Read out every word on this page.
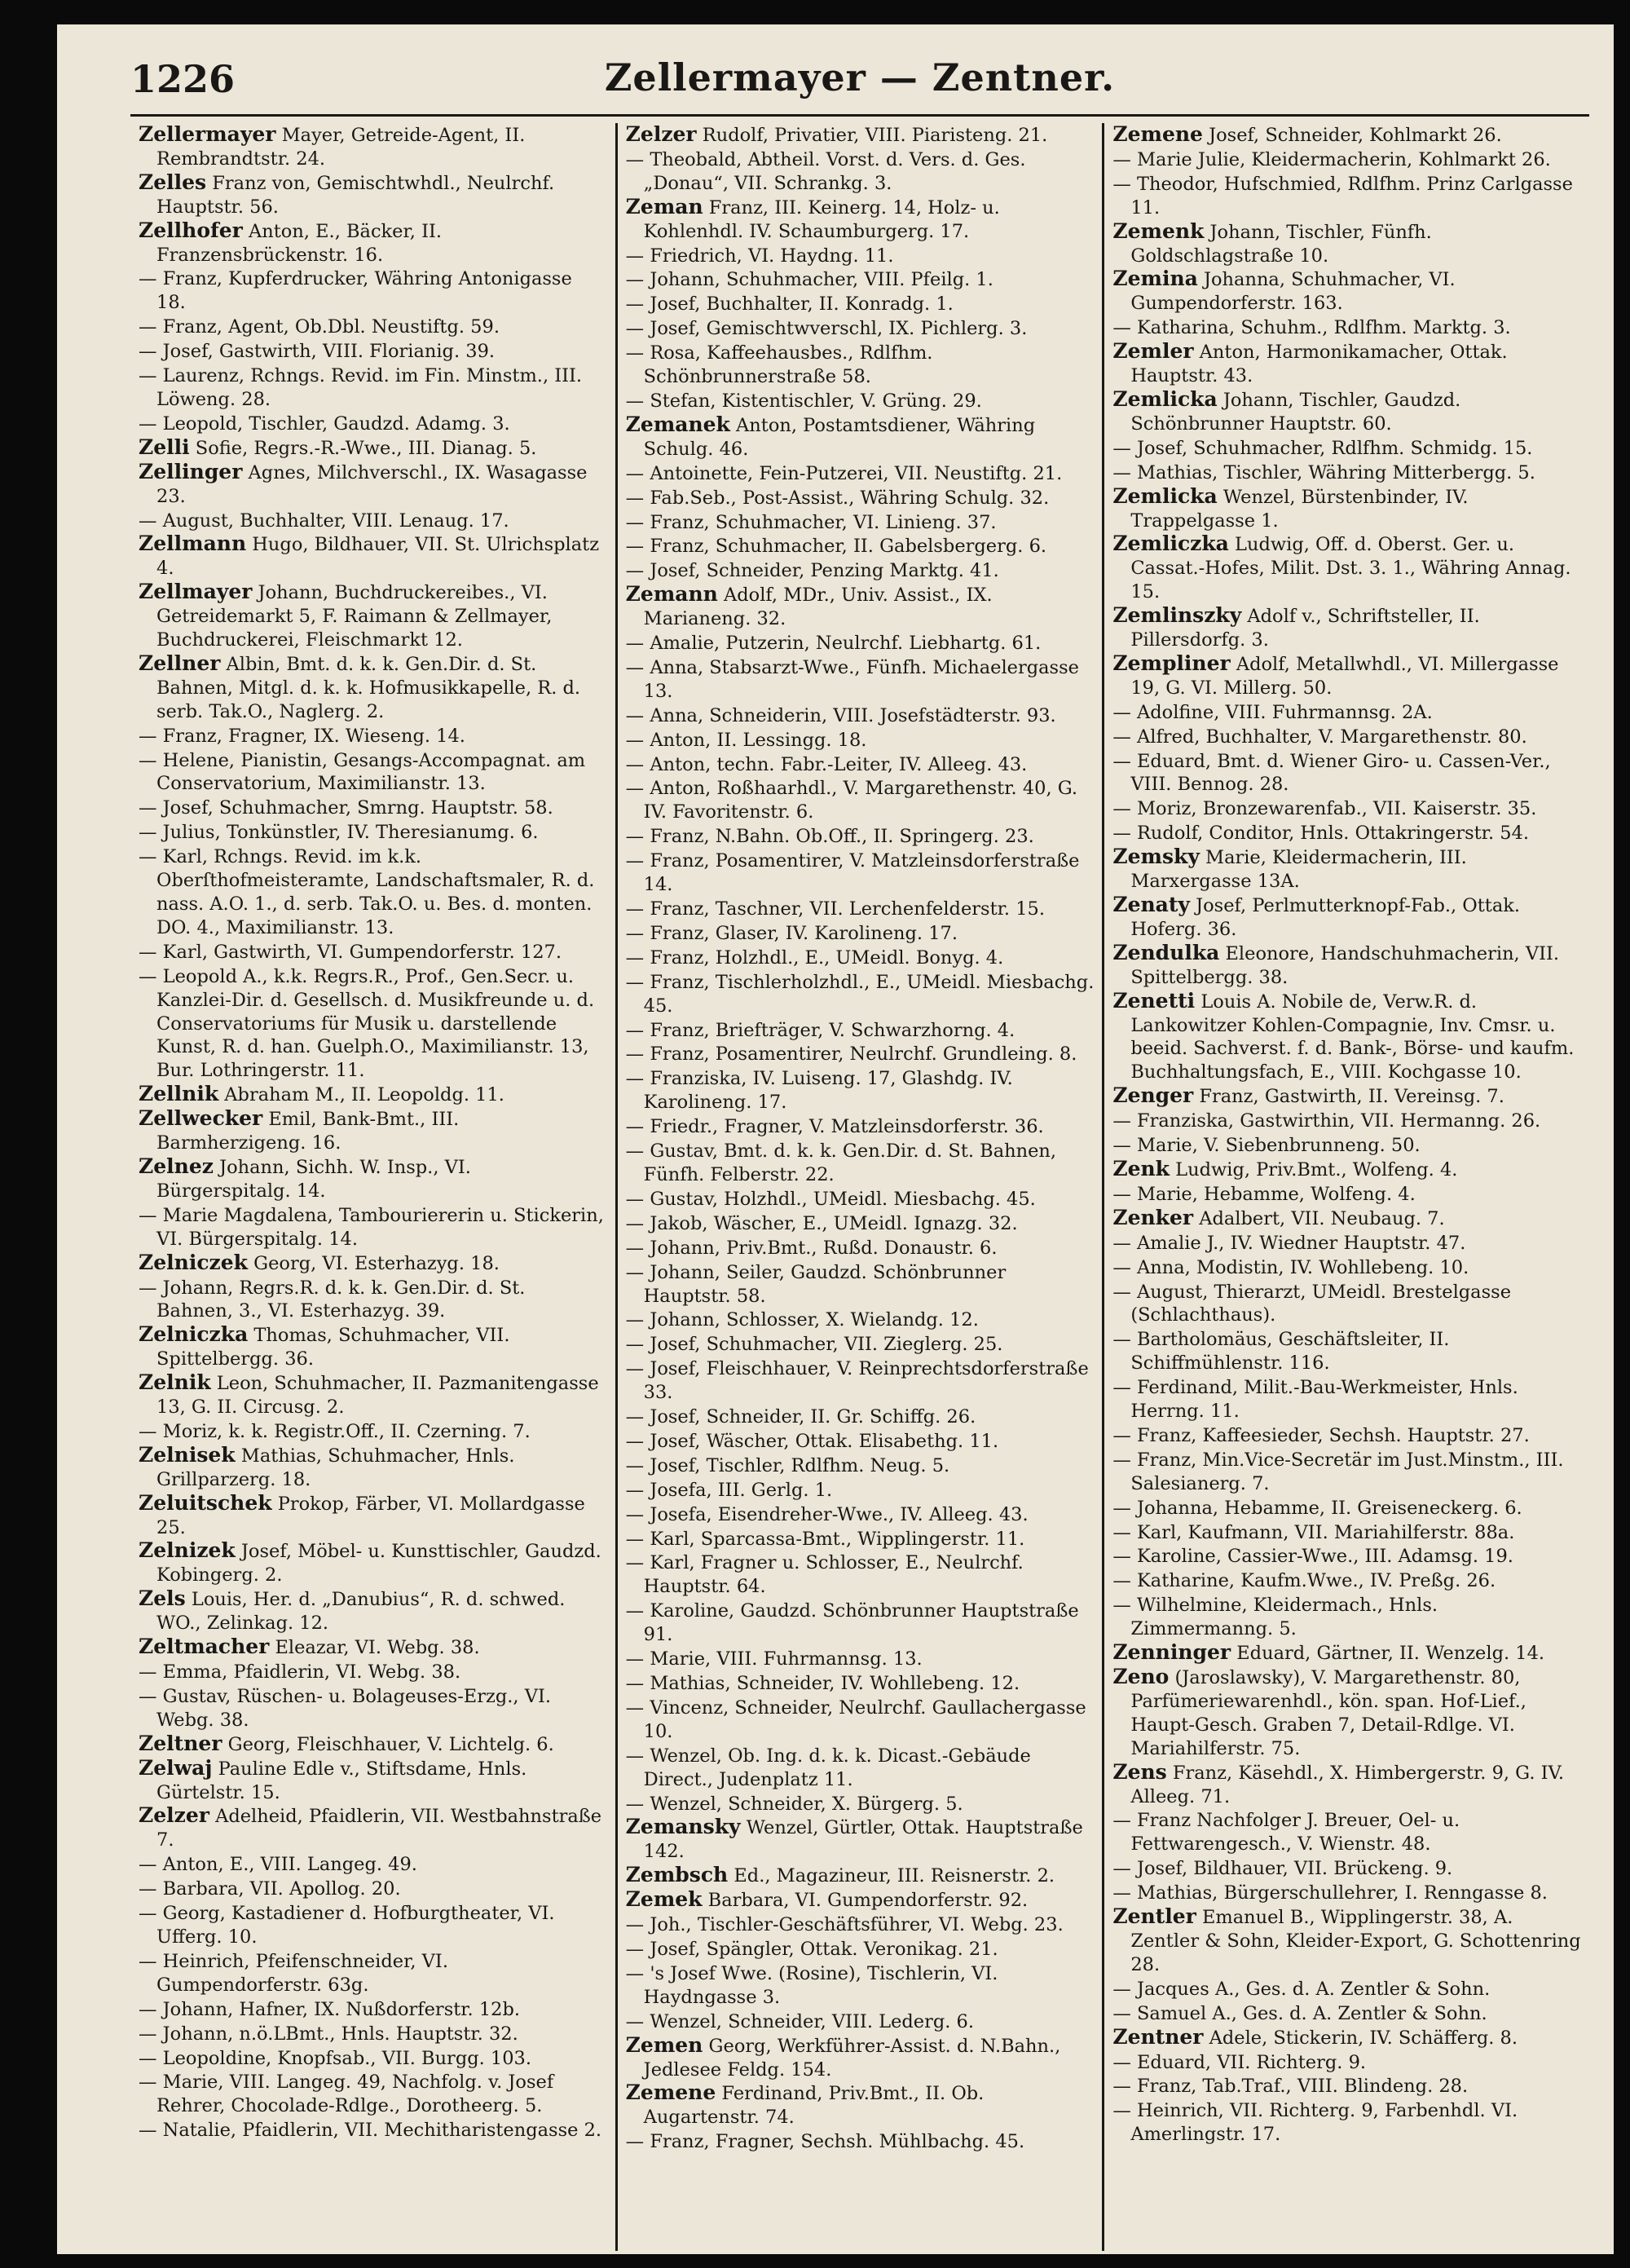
1226	Zellermayer — Zentner.

Zellermayer Mayer, Getreide-Agent, II. Rembrandtstr. 24.

Zelles Franz von, Gemischtwhdl., Neulrchf. Hauptstr. 56.

Zellhofer Anton, E., Bäcker, II. Franzensbrückenstr. 16.

— Franz, Kupferdrucker, Währing Antonigasse 18.

— Franz, Agent, Ob.Dbl. Neustiftg. 59.

— Josef, Gastwirth, VIII. Florianig. 39.

— Laurenz, Rchngs. Revid. im Fin. Minstm., III. Löweng. 28.

— Leopold, Tischler, Gaudzd. Adamg. 3.

Zelli Sofie, Regrs.-R.-Wwe., III. Dianag. 5.

Zellinger Agnes, Milchverschl., IX. Wasagasse 23.

— August, Buchhalter, VIII. Lenaug. 17.

Zellmann Hugo, Bildhauer, VII. St. Ulrichsplatz 4.

Zellmayer Johann, Buchdruckereibes., VI. Getreidemarkt 5, F. Raimann & Zellmayer, Buchdruckerei, Fleischmarkt 12.

Zellner Albin, Bmt. d. k. k. Gen.Dir. d. St. Bahnen, Mitgl. d. k. k. Hofmusikkapelle, R. d. serb. Tak.O., Naglerg. 2.

— Franz, Fragner, IX. Wieseng. 14.

— Helene, Pianistin, Gesangs-Accompagnat. am Conservatorium, Maximilianstr. 13.

— Josef, Schuhmacher, Smrng. Hauptstr. 58.

— Julius, Tonkünstler, IV. Theresianumg. 6.

— Karl, Rchngs. Revid. im k.k. Oberſthofmeisteramte, Landschaftsmaler, R. d. nass. A.O. 1., d. serb. Tak.O. u. Bes. d. monten. DO. 4., Maximilianstr. 13.

— Karl, Gastwirth, VI. Gumpendorferstr. 127.

— Leopold A., k.k. Regrs.R., Prof., Gen.Secr. u. Kanzlei-Dir. d. Gesellsch. d. Musikfreunde u. d. Conservatoriums für Musik u. darstellende Kunst, R. d. han. Guelph.O., Maximilianstr. 13, Bur. Lothringerstr. 11.

Zellnik Abraham M., II. Leopoldg. 11.

Zellwecker Emil, Bank-Bmt., III. Barmherzigeng. 16.

Zelnez Johann, Sichh. W. Insp., VI. Bürgerspitalg. 14.

— Marie Magdalena, Tambouriererin u. Stickerin, VI. Bürgerspitalg. 14.

Zelniczek Georg, VI. Esterhazyg. 18.

— Johann, Regrs.R. d. k. k. Gen.Dir. d. St. Bahnen, 3., VI. Esterhazyg. 39.

Zelniczka Thomas, Schuhmacher, VII. Spittelbergg. 36.

Zelnik Leon, Schuhmacher, II. Pazmanitengasse 13, G. II. Circusg. 2.

— Moriz, k. k. Registr.Off., II. Czerning. 7.

Zelnisek Mathias, Schuhmacher, Hnls. Grillparzerg. 18.

Zeluitschek Prokop, Färber, VI. Mollardgasse 25.

Zelnizek Josef, Möbel- u. Kunsttischler, Gaudzd. Kobingerg. 2.

Zels Louis, Her. d. „Danubius“, R. d. schwed. WO., Zelinkag. 12.

Zeltmacher Eleazar, VI. Webg. 38.

— Emma, Pfaidlerin, VI. Webg. 38.

— Gustav, Rüschen- u. Bolageuses-Erzg., VI. Webg. 38.

Zeltner Georg, Fleischhauer, V. Lichtelg. 6.

Zelwaj Pauline Edle v., Stiftsdame, Hnls. Gürtelstr. 15.

Zelzer Adelheid, Pfaidlerin, VII. Westbahnstraße 7.

— Anton, E., VIII. Langeg. 49.

— Barbara, VII. Apollog. 20.

— Georg, Kastadiener d. Hofburgtheater, VI. Ufferg. 10.

— Heinrich, Pfeifenschneider, VI. Gumpendorferstr. 63g.

— Johann, Hafner, IX. Nußdorferstr. 12b.

— Johann, n.ö.LBmt., Hnls. Hauptstr. 32.

— Leopoldine, Knopfsab., VII. Burgg. 103.

— Marie, VIII. Langeg. 49, Nachfolg. v. Josef Rehrer, Chocolade-Rdlge., Dorotheerg. 5.

— Natalie, Pfaidlerin, VII. Mechitharistengasse 2.

Zelzer Rudolf, Privatier, VIII. Piaristeng. 21.

— Theobald, Abtheil. Vorst. d. Vers. d. Ges. „Donau“, VII. Schrankg. 3.

Zeman Franz, III. Keinerg. 14, Holz- u. Kohlenhdl. IV. Schaumburgerg. 17.

— Friedrich, VI. Haydng. 11.

— Johann, Schuhmacher, VIII. Pfeilg. 1.

— Josef, Buchhalter, II. Konradg. 1.

— Josef, Gemischtwverschl, IX. Pichlerg. 3.

— Rosa, Kaffeehausbes., Rdlfhm. Schönbrunnerstraße 58.

— Stefan, Kistentischler, V. Grüng. 29.

Zemanek Anton, Postamtsdiener, Währing Schulg. 46.

— Antoinette, Fein-Putzerei, VII. Neustiftg. 21.

— Fab.Seb., Post-Assist., Währing Schulg. 32.

— Franz, Schuhmacher, VI. Linieng. 37.

— Franz, Schuhmacher, II. Gabelsbergerg. 6.

— Josef, Schneider, Penzing Marktg. 41.

Zemann Adolf, MDr., Univ. Assist., IX. Marianeng. 32.

— Amalie, Putzerin, Neulrchf. Liebhartg. 61.

— Anna, Stabsarzt-Wwe., Fünfh. Michaelergasse 13.

— Anna, Schneiderin, VIII. Josefstädterstr. 93.

— Anton, II. Lessingg. 18.

— Anton, techn. Fabr.-Leiter, IV. Alleeg. 43.

— Anton, Roßhaarhdl., V. Margarethenstr. 40, G. IV. Favoritenstr. 6.

— Franz, N.Bahn. Ob.Off., II. Springerg. 23.

— Franz, Posamentirer, V. Matzleinsdorferstraße 14.

— Franz, Taschner, VII. Lerchenfelderstr. 15.

— Franz, Glaser, IV. Karolineng. 17.

— Franz, Holzhdl., E., UMeidl. Bonyg. 4.

— Franz, Tischlerholzhdl., E., UMeidl. Miesbachg. 45.

— Franz, Briefträger, V. Schwarzhorng. 4.

— Franz, Posamentirer, Neulrchf. Grundleing. 8.

— Franziska, IV. Luiseng. 17, Glashdg. IV. Karolineng. 17.

— Friedr., Fragner, V. Matzleinsdorferstr. 36.

— Gustav, Bmt. d. k. k. Gen.Dir. d. St. Bahnen, Fünfh. Felberstr. 22.

— Gustav, Holzhdl., UMeidl. Miesbachg. 45.

— Jakob, Wäscher, E., UMeidl. Ignazg. 32.

— Johann, Priv.Bmt., Rußd. Donaustr. 6.

— Johann, Seiler, Gaudzd. Schönbrunner Hauptstr. 58.

— Johann, Schlosser, X. Wielandg. 12.

— Josef, Schuhmacher, VII. Zieglerg. 25.

— Josef, Fleischhauer, V. Reinprechtsdorferstraße 33.

— Josef, Schneider, II. Gr. Schiffg. 26.

— Josef, Wäscher, Ottak. Elisabethg. 11.

— Josef, Tischler, Rdlfhm. Neug. 5.

— Josefa, III. Gerlg. 1.

— Josefa, Eisendreher-Wwe., IV. Alleeg. 43.

— Karl, Sparcassa-Bmt., Wipplingerstr. 11.

— Karl, Fragner u. Schlosser, E., Neulrchf. Hauptstr. 64.

— Karoline, Gaudzd. Schönbrunner Hauptstraße 91.

— Marie, VIII. Fuhrmannsg. 13.

— Mathias, Schneider, IV. Wohllebeng. 12.

— Vincenz, Schneider, Neulrchf. Gaullachergasse 10.

— Wenzel, Ob. Ing. d. k. k. Dicast.-Gebäude Direct., Judenplatz 11.

— Wenzel, Schneider, X. Bürgerg. 5.

Zemansky Wenzel, Gürtler, Ottak. Hauptstraße 142.

Zembsch Ed., Magazineur, III. Reisnerstr. 2.

Zemek Barbara, VI. Gumpendorferstr. 92.

— Joh., Tischler-Geschäftsführer, VI. Webg. 23.

— Josef, Spängler, Ottak. Veronikag. 21.

— 's Josef Wwe. (Rosine), Tischlerin, VI. Haydngasse 3.

— Wenzel, Schneider, VIII. Lederg. 6.

Zemen Georg, Werkführer-Assist. d. N.Bahn., Jedlesee Feldg. 154.

Zemene Ferdinand, Priv.Bmt., II. Ob. Augartenstr. 74.

— Franz, Fragner, Sechsh. Mühlbachg. 45.

Zemene Josef, Schneider, Kohlmarkt 26.

— Marie Julie, Kleidermacherin, Kohlmarkt 26.

— Theodor, Hufschmied, Rdlfhm. Prinz Carlgasse 11.

Zemenk Johann, Tischler, Fünfh. Goldschlagstraße 10.

Zemina Johanna, Schuhmacher, VI. Gumpendorferstr. 163.

— Katharina, Schuhm., Rdlfhm. Marktg. 3.

Zemler Anton, Harmonikamacher, Ottak. Hauptstr. 43.

Zemlicka Johann, Tischler, Gaudzd. Schönbrunner Hauptstr. 60.

— Josef, Schuhmacher, Rdlfhm. Schmidg. 15.

— Mathias, Tischler, Währing Mitterbergg. 5.

Zemlicka Wenzel, Bürstenbinder, IV. Trappelgasse 1.

Zemliczka Ludwig, Off. d. Oberst. Ger. u. Cassat.-Hofes, Milit. Dst. 3. 1., Währing Annag. 15.

Zemlinszky Adolf v., Schriftsteller, II. Pillersdorfg. 3.

Zempliner Adolf, Metallwhdl., VI. Millergasse 19, G. VI. Millerg. 50.

— Adolfine, VIII. Fuhrmannsg. 2A.

— Alfred, Buchhalter, V. Margarethenstr. 80.

— Eduard, Bmt. d. Wiener Giro- u. Cassen-Ver., VIII. Bennog. 28.

— Moriz, Bronzewarenfab., VII. Kaiserstr. 35.

— Rudolf, Conditor, Hnls. Ottakringerstr. 54.

Zemsky Marie, Kleidermacherin, III. Marxergasse 13A.

Zenaty Josef, Perlmutterknopf-Fab., Ottak. Hoferg. 36.

Zendulka Eleonore, Handschuhmacherin, VII. Spittelbergg. 38.

Zenetti Louis A. Nobile de, Verw.R. d. Lankowitzer Kohlen-Compagnie, Inv. Cmsr. u. beeid. Sachverst. f. d. Bank-, Börse- und kaufm. Buchhaltungsfach, E., VIII. Kochgasse 10.

Zenger Franz, Gastwirth, II. Vereinsg. 7.

— Franziska, Gastwirthin, VII. Hermanng. 26.

— Marie, V. Siebenbrunneng. 50.

Zenk Ludwig, Priv.Bmt., Wolfeng. 4.

— Marie, Hebamme, Wolfeng. 4.

Zenker Adalbert, VII. Neubaug. 7.

— Amalie J., IV. Wiedner Hauptstr. 47.

— Anna, Modistin, IV. Wohllebeng. 10.

— August, Thierarzt, UMeidl. Brestelgasse (Schlachthaus).

— Bartholomäus, Geschäftsleiter, II. Schiffmühlenstr. 116.

— Ferdinand, Milit.-Bau-Werkmeister, Hnls. Herrng. 11.

— Franz, Kaffeesieder, Sechsh. Hauptstr. 27.

— Franz, Min.Vice-Secretär im Just.Minstm., III. Salesianerg. 7.

— Johanna, Hebamme, II. Greiseneckerg. 6.

— Karl, Kaufmann, VII. Mariahilferstr. 88a.

— Karoline, Cassier-Wwe., III. Adamsg. 19.

— Katharine, Kaufm.Wwe., IV. Preßg. 26.

— Wilhelmine, Kleidermach., Hnls. Zimmermanng. 5.

Zenninger Eduard, Gärtner, II. Wenzelg. 14.

Zeno (Jaroslawsky), V. Margarethenstr. 80, Parfümeriewarenhdl., kön. span. Hof-Lief., Haupt-Gesch. Graben 7, Detail-Rdlge. VI. Mariahilferstr. 75.

Zens Franz, Käsehdl., X. Himbergerstr. 9, G. IV. Alleeg. 71.

— Franz Nachfolger J. Breuer, Oel- u. Fettwarengesch., V. Wienstr. 48.

— Josef, Bildhauer, VII. Brückeng. 9.

— Mathias, Bürgerschullehrer, I. Renngasse 8.

Zentler Emanuel B., Wipplingerstr. 38, A. Zentler & Sohn, Kleider-Export, G. Schottenring 28.

— Jacques A., Ges. d. A. Zentler & Sohn.

— Samuel A., Ges. d. A. Zentler & Sohn.

Zentner Adele, Stickerin, IV. Schäfferg. 8.

— Eduard, VII. Richterg. 9.

— Franz, Tab.Traf., VIII. Blindeng. 28.

— Heinrich, VII. Richterg. 9, Farbenhdl. VI. Amerlingstr. 17.
